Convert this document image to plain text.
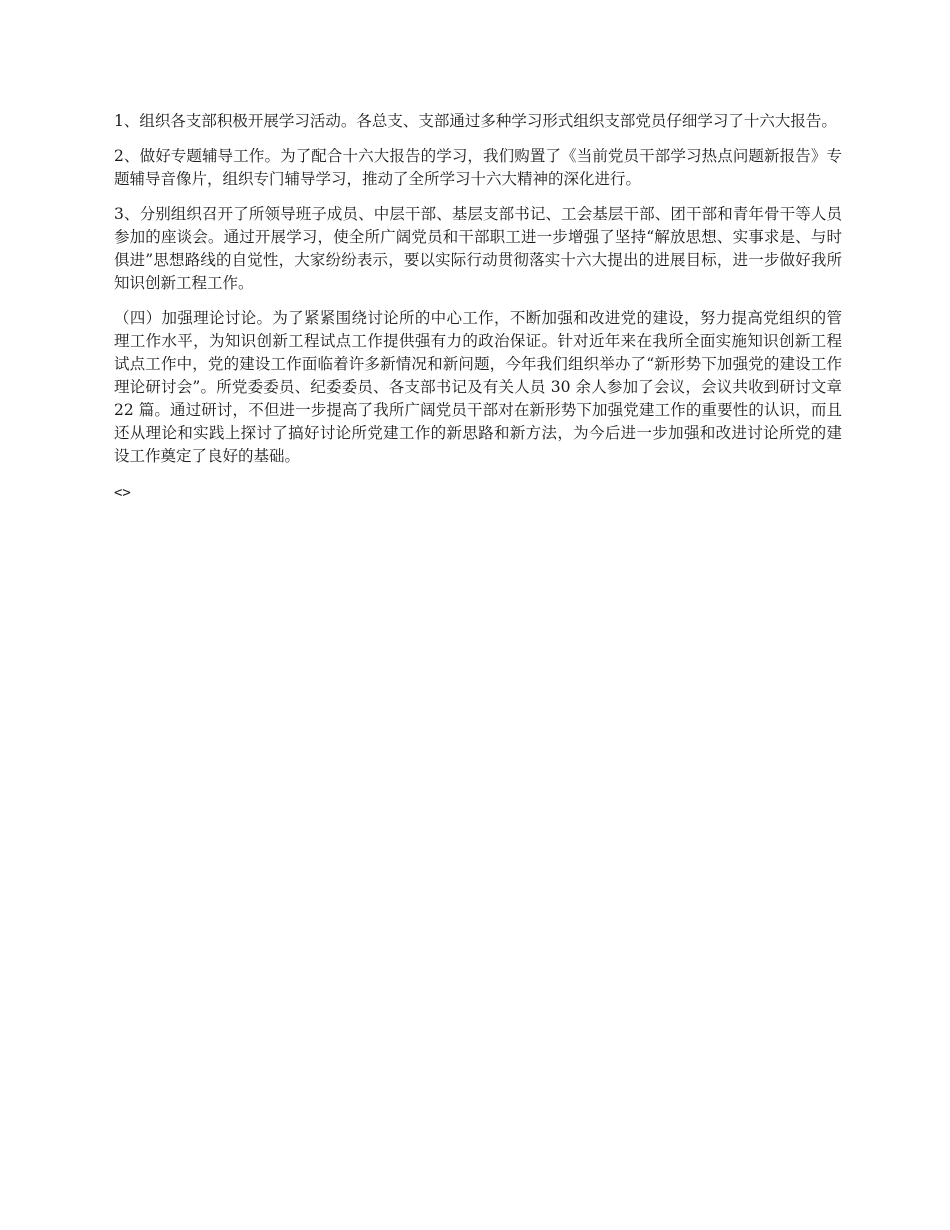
1、组织各支部积极开展学习活动。各总支、支部通过多种学习形式组织支部党员仔细学习了十六大报告。

2、做好专题辅导工作。为了配合十六大报告的学习，我们购置了《当前党员干部学习热点问题新报告》专题辅导音像片，组织专门辅导学习，推动了全所学习十六大精神的深化进行。

3、分别组织召开了所领导班子成员、中层干部、基层支部书记、工会基层干部、团干部和青年骨干等人员参加的座谈会。通过开展学习，使全所广阔党员和干部职工进一步增强了坚持“解放思想、实事求是、与时俱进”思想路线的自觉性，大家纷纷表示，要以实际行动贯彻落实十六大提出的进展目标，进一步做好我所知识创新工程工作。

（四）加强理论讨论。为了紧紧围绕讨论所的中心工作，不断加强和改进党的建设，努力提高党组织的管理工作水平，为知识创新工程试点工作提供强有力的政治保证。针对近年来在我所全面实施知识创新工程试点工作中，党的建设工作面临着许多新情况和新问题，今年我们组织举办了“新形势下加强党的建设工作理论研讨会”。所党委委员、纪委委员、各支部书记及有关人员 30 余人参加了会议，会议共收到研讨文章 22 篇。通过研讨，不但进一步提高了我所广阔党员干部对在新形势下加强党建工作的重要性的认识，而且还从理论和实践上探讨了搞好讨论所党建工作的新思路和新方法，为今后进一步加强和改进讨论所党的建设工作奠定了良好的基础。

<>
